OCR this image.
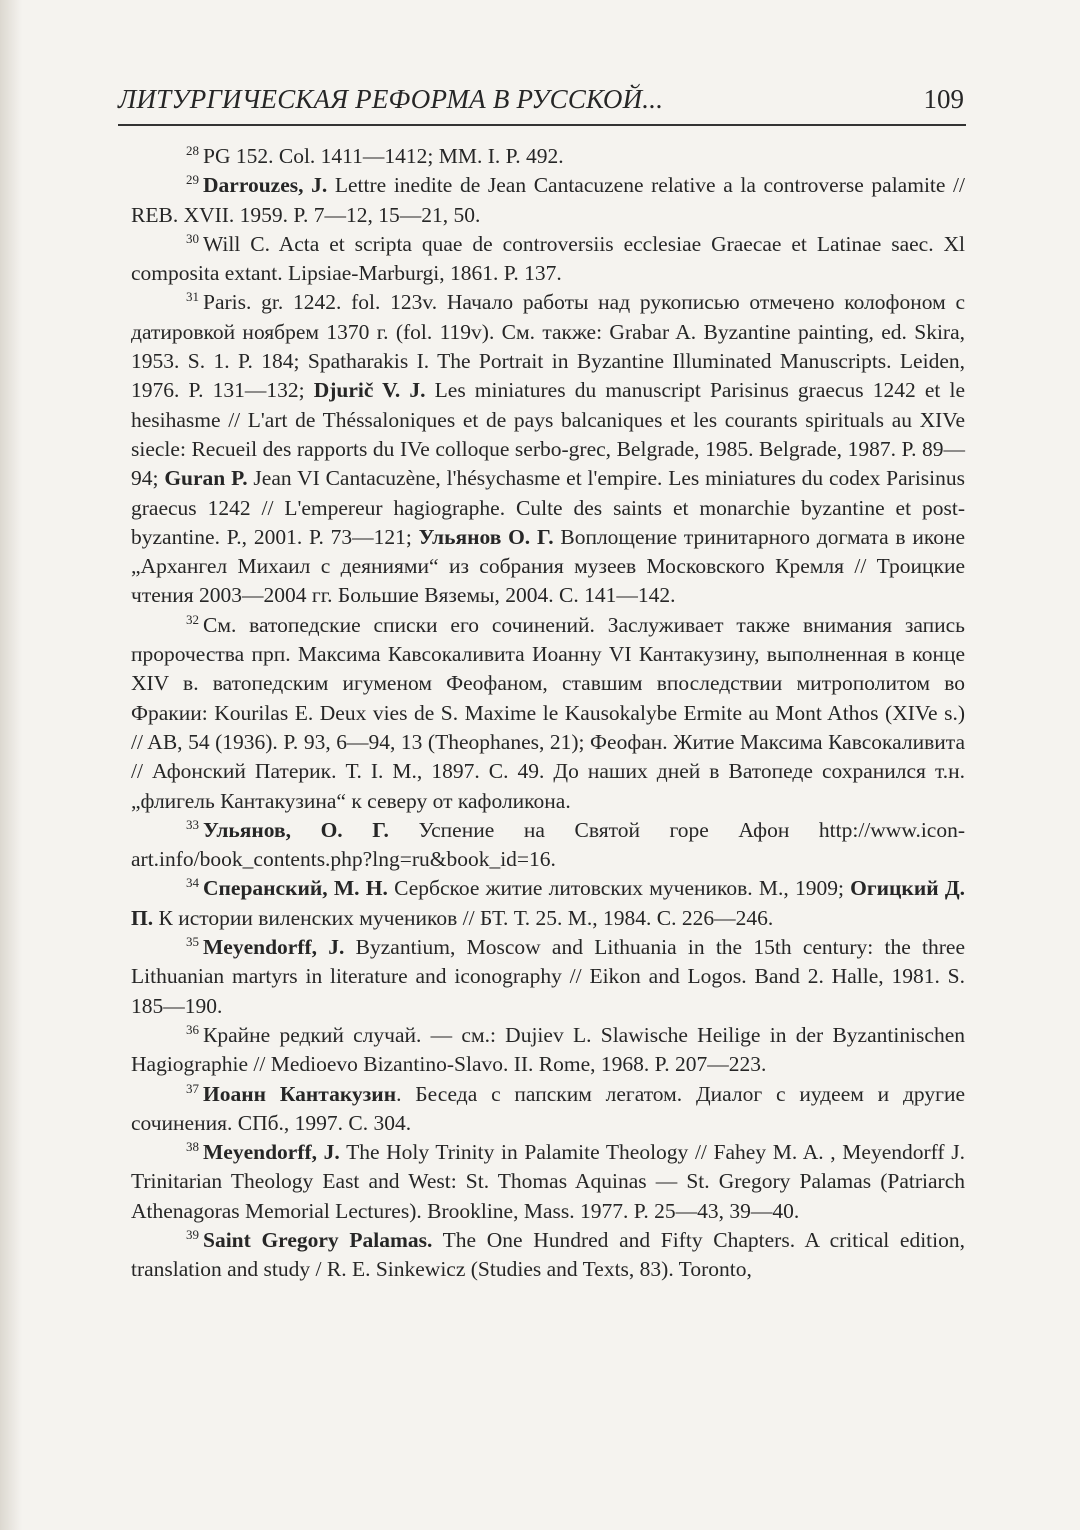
ЛИТУРГИЧЕСКАЯ РЕФОРМА В РУССКОЙ...	109

$^{28}$ PG 152. Col. 1411—1412; MM. I. P. 492.

$^{29}$ Darrouzes, J. Lettre inedite de Jean Cantacuzene relative a la controverse palamite // REB. XVII. 1959. P. 7—12, 15—21, 50.

$^{30}$ Will C. Acta et scripta quae de controversiis ecclesiae Graecae et Latinae saec. Xl composita extant. Lipsiae-Marburgi, 1861. P. 137.

$^{31}$ Paris. gr. 1242. fol. 123v. Начало работы над рукописью отмечено колофоном с датировкой ноябрем 1370 г. (fol. 119v). См. также: Grabar A. Byzantine painting, ed. Skira, 1953. S. 1. P. 184; Spatharakis I. The Portrait in Byzantine Illuminated Manuscripts. Leiden, 1976. P. 131—132; Djurič V. J. Les miniatures du manuscript Parisinus graecus 1242 et le hesihasme // L'art de Théssaloniques et de pays balcaniques et les courants spirituals au XIVe siecle: Recueil des rapports du IVe colloque serbo-grec, Belgrade, 1985. Belgrade, 1987. P. 89—94; Guran P. Jean VI Cantacuzène, l'hésychasme et l'empire. Les miniatures du codex Parisinus graecus 1242 // L'empereur hagiographe. Culte des saints et monarchie byzantine et post-byzantine. P., 2001. P. 73—121; Ульянов О. Г. Воплощение тринитарного догмата в иконе „Архангел Михаил с деяниями“ из собрания музеев Московского Кремля // Троицкие чтения 2003—2004 гг. Большие Вяземы, 2004. С. 141—142.

$^{32}$ См. ватопедские списки его сочинений. Заслуживает также внимания запись пророчества прп. Максима Кавсокаливита Иоанну VI Кантакузину, выполненная в конце XIV в. ватопедским игуменом Феофаном, ставшим впоследствии митрополитом во Фракии: Kourilas E. Deux vies de S. Maxime le Kausokalybe Ermite au Mont Athos (XIVe s.) // AB, 54 (1936). P. 93, 6—94, 13 (Theophanes, 21); Феофан. Житие Максима Кавсокаливита // Афонский Патерик. Т. I. М., 1897. С. 49. До наших дней в Ватопеде сохранился т.н. „флигель Кантакузина“ к северу от кафоликона.

$^{33}$ Ульянов, О. Г. Успение на Святой горе Афон http://www.icon-art.info/book_contents.php?lng=ru&book_id=16.

$^{34}$ Сперанский, М. Н. Сербское житие литовских мучеников. М., 1909; Огицкий Д. П. К истории виленских мучеников // БТ. Т. 25. М., 1984. С. 226—246.

$^{35}$ Meyendorff, J. Byzantium, Moscow and Lithuania in the 15th century: the three Lithuanian martyrs in literature and iconography // Eikon and Logos. Band 2. Halle, 1981. S. 185—190.

$^{36}$ Крайне редкий случай. — см.: Dujiev L. Slawische Heilige in der Byzantinischen Hagiographie // Medioevo Bizantino-Slavo. II. Rome, 1968. P. 207—223.

$^{37}$ Иоанн Кантакузин. Беседа с папским легатом. Диалог с иудеем и другие сочинения. СПб., 1997. С. 304.

$^{38}$ Meyendorff, J. The Holy Trinity in Palamite Theology // Fahey M. A. , Meyendorff J. Trinitarian Theology East and West: St. Thomas Aquinas — St. Gregory Palamas (Patriarch Athenagoras Memorial Lectures). Brookline, Mass. 1977. P. 25—43, 39—40.

$^{39}$ Saint Gregory Palamas. The One Hundred and Fifty Chapters. A critical edition, translation and study / R. E. Sinkewicz (Studies and Texts, 83). Toronto,
